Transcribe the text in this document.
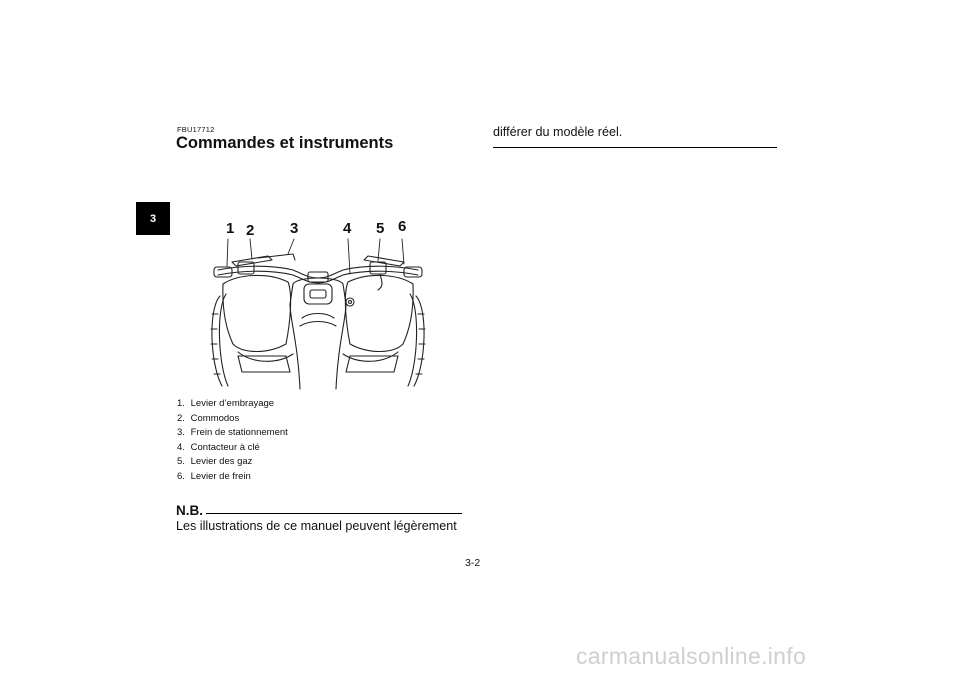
3
FBU17712
Commandes et instruments
1 2 3	4 5 6
1. Levier d’embrayage
2. Commodos
3. Frein de stationnement
4. Contacteur à clé
5. Levier des gaz
6. Levier de frein
N.B.
Les illustrations de ce manuel peuvent légèrement
différer du modèle réel.
3-2
carmanualsonline.info
